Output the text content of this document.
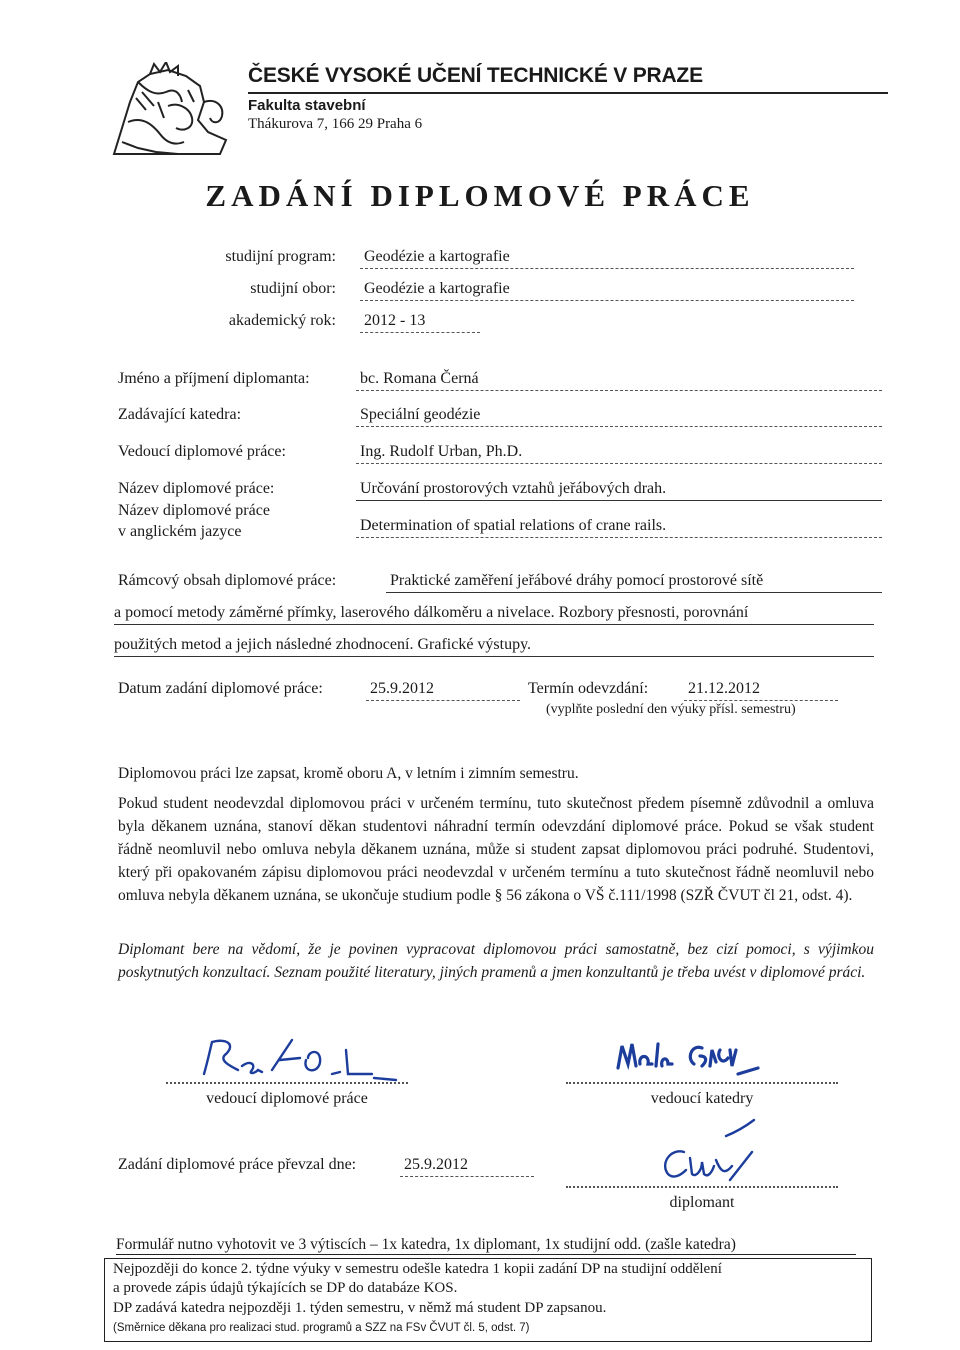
ČESKÉ VYSOKÉ UČENÍ TECHNICKÉ V PRAZE
Fakulta stavební
Thákurova 7, 166 29 Praha 6
ZADÁNÍ DIPLOMOVÉ PRÁCE
studijní program: Geodézie a kartografie
studijní obor: Geodézie a kartografie
akademický rok: 2012 - 13
Jméno a příjmení diplomanta:	bc. Romana Černá
Zadávající katedra:	Speciální geodézie
Vedoucí diplomové práce:	Ing. Rudolf Urban, Ph.D.
Název diplomové práce:	Určování prostorových vztahů jeřábových drah.
Název diplomové práce
v anglickém jazyce	Determination of spatial relations of crane rails.
Rámcový obsah diplomové práce:	Praktické zaměření jeřábové dráhy pomocí prostorové sítě
a pomocí metody záměrné přímky, laserového dálkoměru a nivelace. Rozbory přesnosti, porovnání
použitých metod a jejich následné zhodnocení. Grafické výstupy.
Datum zadání diplomové práce:	25.9.2012	Termín odevzdání: 21.12.2012
(vyplňte poslední den výuky přísl. semestru)
Diplomovou práci lze zapsat, kromě oboru A, v letním i zimním semestru.
Pokud student neodevzdal diplomovou práci v určeném termínu, tuto skutečnost předem písemně zdůvodnil a omluva byla děkanem uznána, stanoví děkan studentovi náhradní termín odevzdání diplomové práce. Pokud se však student řádně neomluvil nebo omluva nebyla děkanem uznána, může si student zapsat diplomovou práci podruhé. Studentovi, který při opakovaném zápisu diplomovou práci neodevzdal v určeném termínu a tuto skutečnost řádně neomluvil nebo omluva nebyla děkanem uznána, se ukončuje studium podle § 56 zákona o VŠ č.111/1998 (SZŘ ČVUT čl 21, odst. 4).
Diplomant bere na vědomí, že je povinen vypracovat diplomovou práci samostatně, bez cizí pomoci, s výjimkou poskytnutých konzultací. Seznam použité literatury, jiných pramenů a jmen konzultantů je třeba uvést v diplomové práci.
vedoucí diplomové práce	vedoucí katedry
Zadání diplomové práce převzal dne:	25.9.2012
diplomant
Formulář nutno vyhotovit ve 3 výtiscích – 1x katedra, 1x diplomant, 1x studijní odd. (zašle katedra)
Nejpozději do konce 2. týdne výuky v semestru odešle katedra 1 kopii zadání DP na studijní oddělení
a provede zápis údajů týkajících se DP do databáze KOS.
DP zadává katedra nejpozději 1. týden semestru, v němž má student DP zapsanou.
(Směrnice děkana pro realizaci stud. programů a SZZ na FSv ČVUT čl. 5, odst. 7)
